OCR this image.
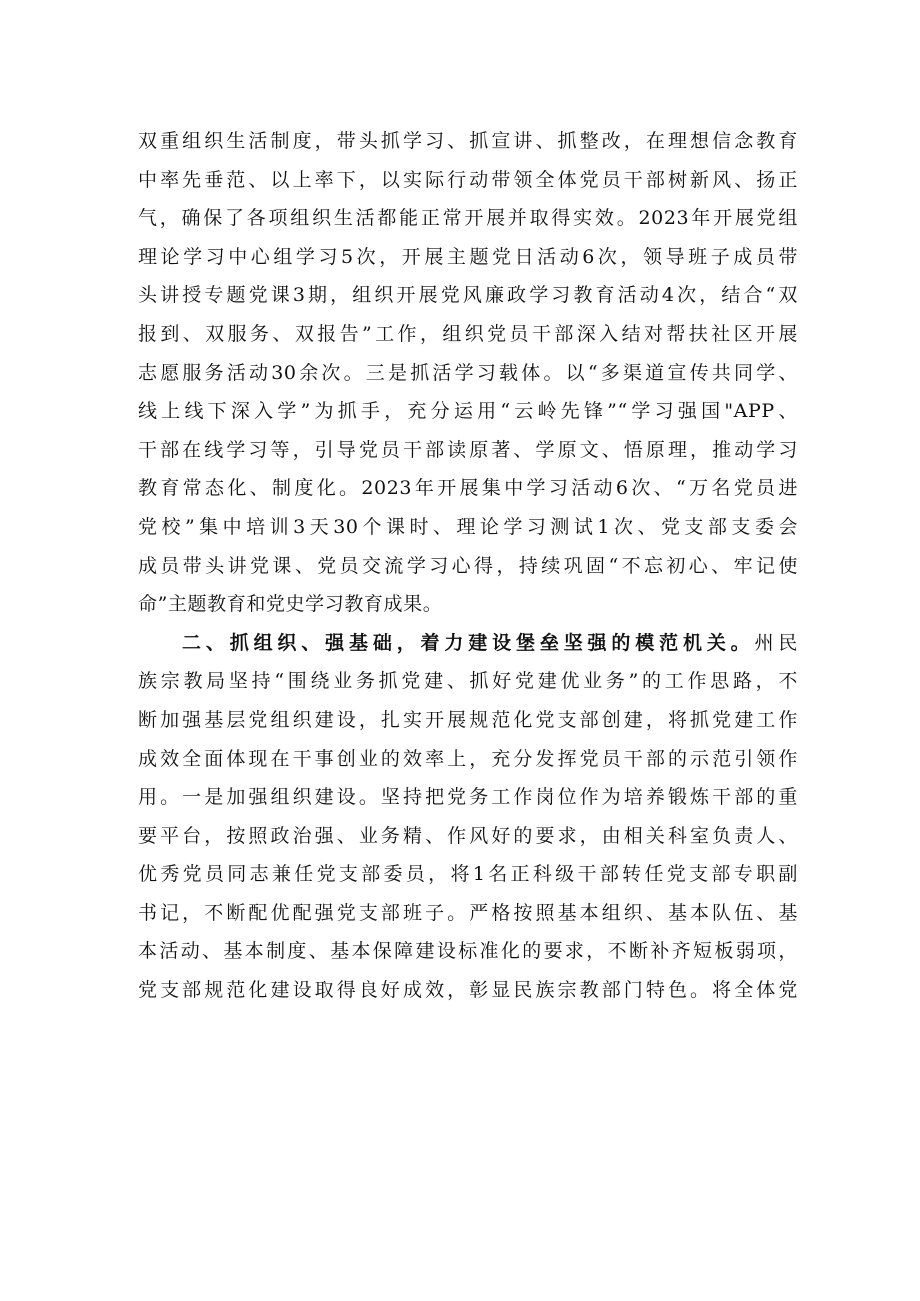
双重组织生活制度，带头抓学习、抓宣讲、抓整改，在理想信念教育
中率先垂范、以上率下，以实际行动带领全体党员干部树新风、扬正
气，确保了各项组织生活都能正常开展并取得实效。2023年开展党组
理论学习中心组学习5次，开展主题党日活动6次，领导班子成员带
头讲授专题党课3期，组织开展党风廉政学习教育活动4次，结合“双
报到、双服务、双报告”工作，组织党员干部深入结对帮扶社区开展
志愿服务活动30余次。三是抓活学习载体。以“多渠道宣传共同学、
线上线下深入学”为抓手，充分运用“云岭先锋”“学习强国"APP、
干部在线学习等，引导党员干部读原著、学原文、悟原理，推动学习
教育常态化、制度化。2023年开展集中学习活动6次、“万名党员进
党校”集中培训3天30个课时、理论学习测试1次、党支部支委会
成员带头讲党课、党员交流学习心得，持续巩固“不忘初心、牢记使
命”主题教育和党史学习教育成果。
二、抓组织、强基础，着力建设堡垒坚强的模范机关。州民
族宗教局坚持“围绕业务抓党建、抓好党建优业务”的工作思路，不
断加强基层党组织建设，扎实开展规范化党支部创建，将抓党建工作
成效全面体现在干事创业的效率上，充分发挥党员干部的示范引领作
用。一是加强组织建设。坚持把党务工作岗位作为培养锻炼干部的重
要平台，按照政治强、业务精、作风好的要求，由相关科室负责人、
优秀党员同志兼任党支部委员，将1名正科级干部转任党支部专职副
书记，不断配优配强党支部班子。严格按照基本组织、基本队伍、基
本活动、基本制度、基本保障建设标准化的要求，不断补齐短板弱项，
党支部规范化建设取得良好成效，彰显民族宗教部门特色。将全体党
